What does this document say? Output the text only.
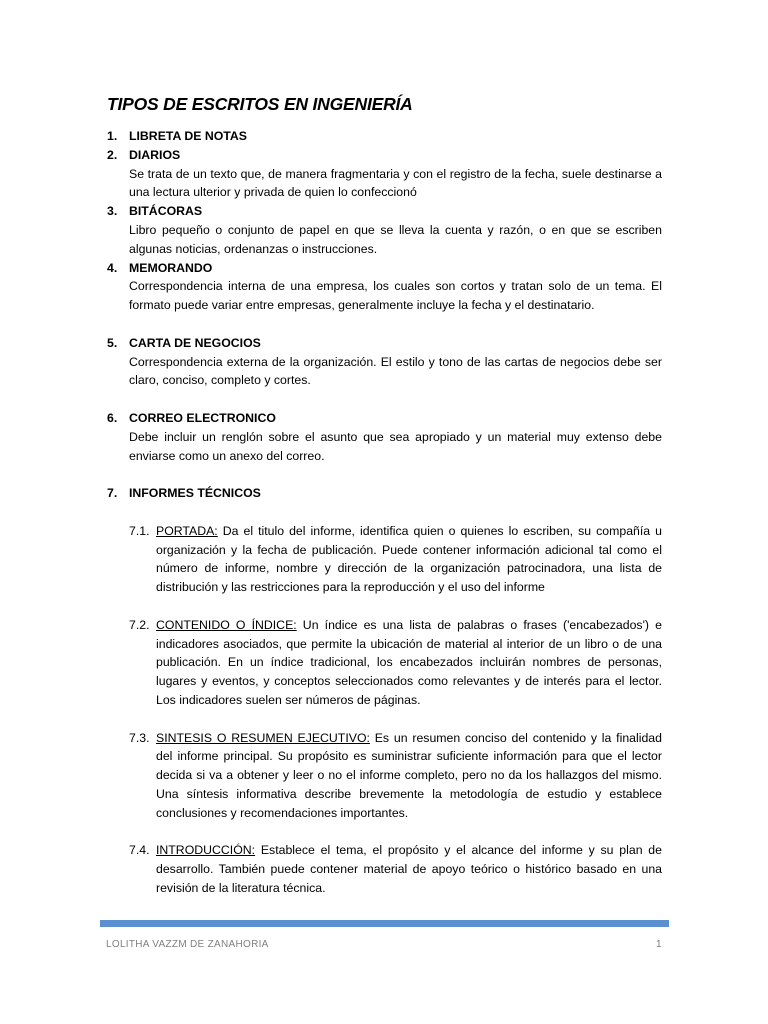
TIPOS DE ESCRITOS EN INGENIERÍA
1. LIBRETA DE NOTAS

2. DIARIOS

Se trata de un texto que, de manera fragmentaria y con el registro de la fecha, suele destinarse a una lectura ulterior y privada de quien lo confeccionó

3. BITÁCORAS

Libro pequeño o conjunto de papel en que se lleva la cuenta y razón, o en que se escriben algunas noticias, ordenanzas o instrucciones.

4. MEMORANDO

Correspondencia interna de una empresa, los cuales son cortos y tratan solo de un tema. El formato puede variar entre empresas, generalmente incluye la fecha y el destinatario.

5. CARTA DE NEGOCIOS

Correspondencia externa de la organización. El estilo y tono de las cartas de negocios debe ser claro, conciso, completo y cortes.

6. CORREO ELECTRONICO

Debe incluir un renglón sobre el asunto que sea apropiado y un material muy extenso debe enviarse como un anexo del correo.

7. INFORMES TÉCNICOS

7.1. PORTADA: Da el titulo del informe, identifica quien o quienes lo escriben, su compañía u organización y la fecha de publicación. Puede contener información adicional tal como el número de informe, nombre y dirección de la organización patrocinadora, una lista de distribución y las restricciones para la reproducción y el uso del informe
7.2. CONTENIDO O ÍNDICE: Un índice es una lista de palabras o frases ('encabezados') e indicadores asociados, que permite la ubicación de material al interior de un libro o de una publicación. En un índice tradicional, los encabezados incluirán nombres de personas, lugares y eventos, y conceptos seleccionados como relevantes y de interés para el lector. Los indicadores suelen ser números de páginas.
7.3. SINTESIS O RESUMEN EJECUTIVO: Es un resumen conciso del contenido y la finalidad del informe principal. Su propósito es suministrar suficiente información para que el lector decida si va a obtener y leer o no el informe completo, pero no da los hallazgos del mismo. Una síntesis informativa describe brevemente la metodología de estudio y establece conclusiones y recomendaciones importantes.
7.4. INTRODUCCIÓN: Establece el tema, el propósito y el alcance del informe y su plan de desarrollo. También puede contener material de apoyo teórico o histórico basado en una revisión de la literatura técnica.
LOLITHA VAZZM DE ZANAHORIA	1
